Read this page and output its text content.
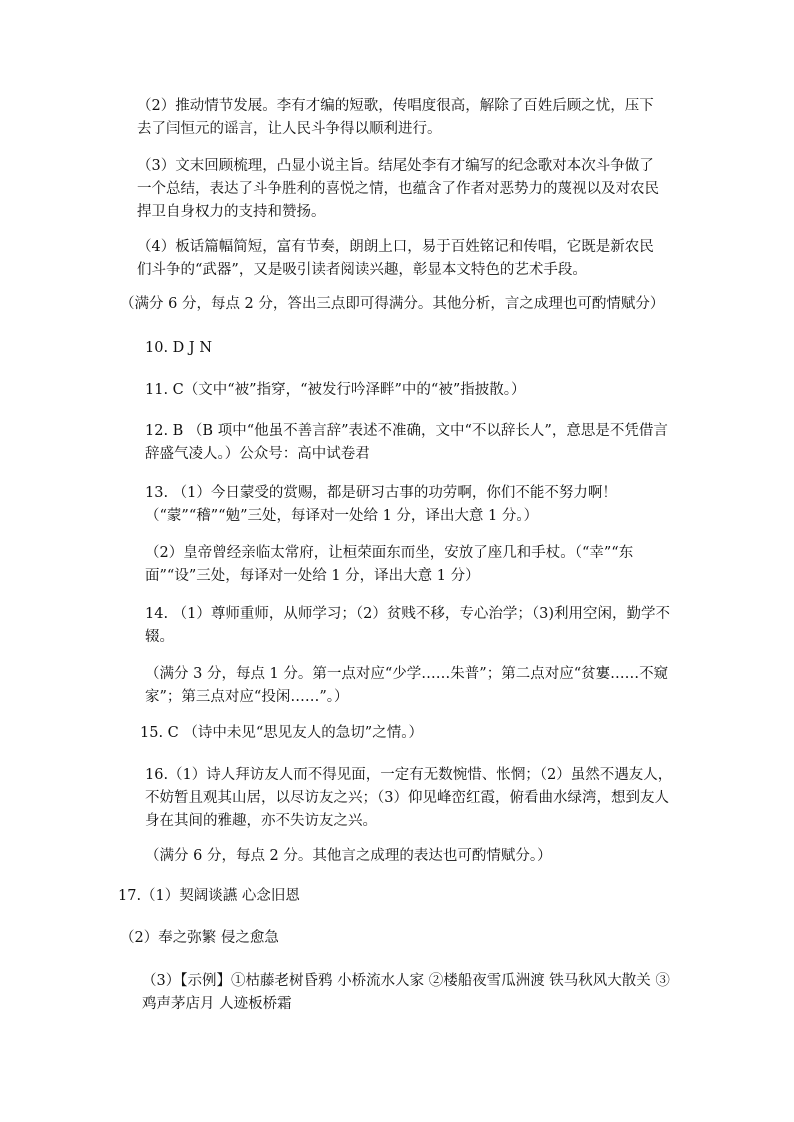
（2）推动情节发展。李有才编的短歌，传唱度很高，解除了百姓后顾之忧，压下去了闫恒元的谣言，让人民斗争得以顺利进行。

（3）文末回顾梳理，凸显小说主旨。结尾处李有才编写的纪念歌对本次斗争做了一个总结，表达了斗争胜利的喜悦之情，也蕴含了作者对恶势力的蔑视以及对农民捍卫自身权力的支持和赞扬。

（4）板话篇幅简短，富有节奏，朗朗上口，易于百姓铭记和传唱，它既是新农民们斗争的“武器”，又是吸引读者阅读兴趣，彰显本文特色的艺术手段。

（满分 6 分，每点 2 分，答出三点即可得满分。其他分析，言之成理也可酌情赋分）

10. D J N

11. C（文中“被”指穿，“被发行吟泽畔”中的“被”指披散。）

12. B （B 项中“他虽不善言辞”表述不准确，文中“不以辞长人”，意思是不凭借言辞盛气凌人。）公众号：高中试卷君

13. （1）今日蒙受的赏赐，都是研习古事的功劳啊，你们不能不努力啊！（“蒙”“稽”“勉”三处，每译对一处给 1 分，译出大意 1 分。）

（2）皇帝曾经亲临太常府，让桓荣面东而坐，安放了座几和手杖。（“幸”“东面”“设”三处，每译对一处给 1 分，译出大意 1 分）

14. （1）尊师重师，从师学习；（2）贫贱不移，专心治学；（3)利用空闲，勤学不辍。

（满分 3 分，每点 1 分。第一点对应“少学……朱普”；第二点对应“贫寠……不窥家”；第三点对应“投闲……”。）

15. C （诗中未见“思见友人的急切”之情。）

16.（1）诗人拜访友人而不得见面，一定有无数惋惜、怅惘；（2）虽然不遇友人，不妨暂且观其山居，以尽访友之兴；（3）仰见峰峦红霞，俯看曲水绿湾，想到友人身在其间的雅趣，亦不失访友之兴。

（满分 6 分，每点 2 分。其他言之成理的表达也可酌情赋分。）

17.（1）契阔谈讌 心念旧恩

（2）奉之弥繁 侵之愈急

（3）【示例】①枯藤老树昏鸦 小桥流水人家 ②楼船夜雪瓜洲渡 铁马秋风大散关 ③鸡声茅店月 人迹板桥霜
